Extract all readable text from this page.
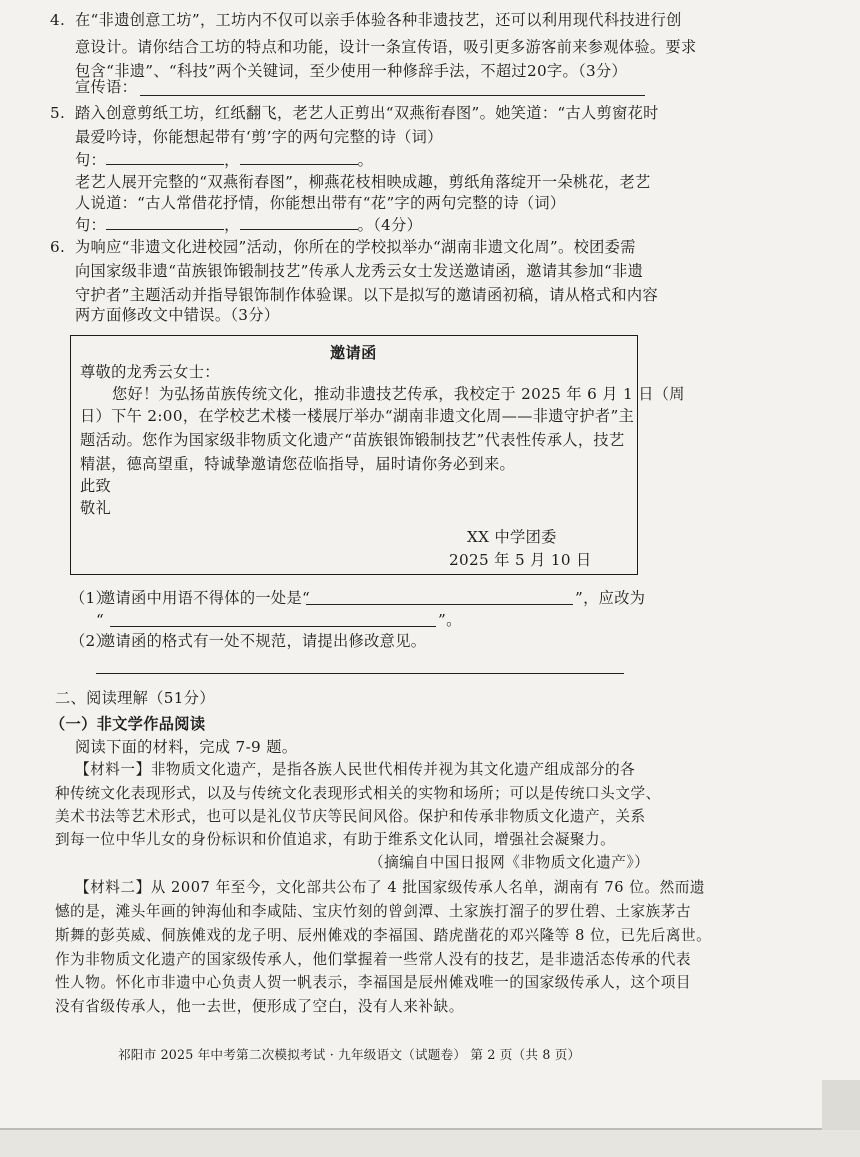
4. 在“非遗创意工坊”，工坊内不仅可以亲手体验各种非遗技艺，还可以利用现代科技进行创
意设计。请你结合工坊的特点和功能，设计一条宣传语，吸引更多游客前来参观体验。要求
包含“非遗”、“科技”两个关键词，至少使用一种修辞手法，不超过20字。（3分）
宣传语：
5. 踏入创意剪纸工坊，红纸翻飞，老艺人正剪出“双燕衔春图”。她笑道：“古人剪窗花时
最爱吟诗，你能想起带有‘剪’字的两句完整的诗（词）
句：	，	。
老艺人展开完整的“双燕衔春图”，柳燕花枝相映成趣，剪纸角落绽开一朵桃花，老艺
人说道：“古人常借花抒情，你能想出带有“花”字的两句完整的诗（词）
句：	，	。（4分）
6. 为响应“非遗文化进校园”活动，你所在的学校拟举办“湖南非遗文化周”。校团委需
向国家级非遗“苗族银饰锻制技艺”传承人龙秀云女士发送邀请函，邀请其参加“非遗
守护者”主题活动并指导银饰制作体验课。以下是拟写的邀请函初稿，请从格式和内容
两方面修改文中错误。（3分）
邀请函
尊敬的龙秀云女士：
您好！为弘扬苗族传统文化，推动非遗技艺传承，我校定于 2025 年 6 月 1 日（周
日）下午 2:00，在学校艺术楼一楼展厅举办“湖南非遗文化周——非遗守护者”主
题活动。您作为国家级非物质文化遗产“苗族银饰锻制技艺”代表性传承人，技艺
精湛，德高望重，特诚挚邀请您莅临指导，届时请你务必到来。
此致
敬礼
XX 中学团委
2025 年 5 月 10 日
（1）
邀请函中用语不得体的一处是“	”，应改为
“	”。
（2）
邀请函的格式有一处不规范，请提出修改意见。
二、阅读理解（51分）
（一）非文学作品阅读
阅读下面的材料，完成 7-9 题。
【材料一】非物质文化遗产，是指各族人民世代相传并视为其文化遗产组成部分的各
种传统文化表现形式，以及与传统文化表现形式相关的实物和场所；可以是传统口头文学、
美术书法等艺术形式，也可以是礼仪节庆等民间风俗。保护和传承非物质文化遗产，关系
到每一位中华儿女的身份标识和价值追求，有助于维系文化认同，增强社会凝聚力。
（摘编自中国日报网《非物质文化遗产》）
【材料二】从 2007 年至今，文化部共公布了 4 批国家级传承人名单，湖南有 76 位。然而遗
憾的是，滩头年画的钟海仙和李咸陆、宝庆竹刻的曾剑潭、土家族打溜子的罗仕碧、土家族茅古
斯舞的彭英威、侗族傩戏的龙子明、辰州傩戏的李福国、踏虎凿花的邓兴隆等 8 位，已先后离世。
作为非物质文化遗产的国家级传承人，他们掌握着一些常人没有的技艺，是非遗活态传承的代表
性人物。怀化市非遗中心负责人贺一帆表示，李福国是辰州傩戏唯一的国家级传承人，这个项目
没有省级传承人，他一去世，便形成了空白，没有人来补缺。
祁阳市 2025 年中考第二次模拟考试 · 九年级语文（试题卷） 第 2 页（共 8 页）
